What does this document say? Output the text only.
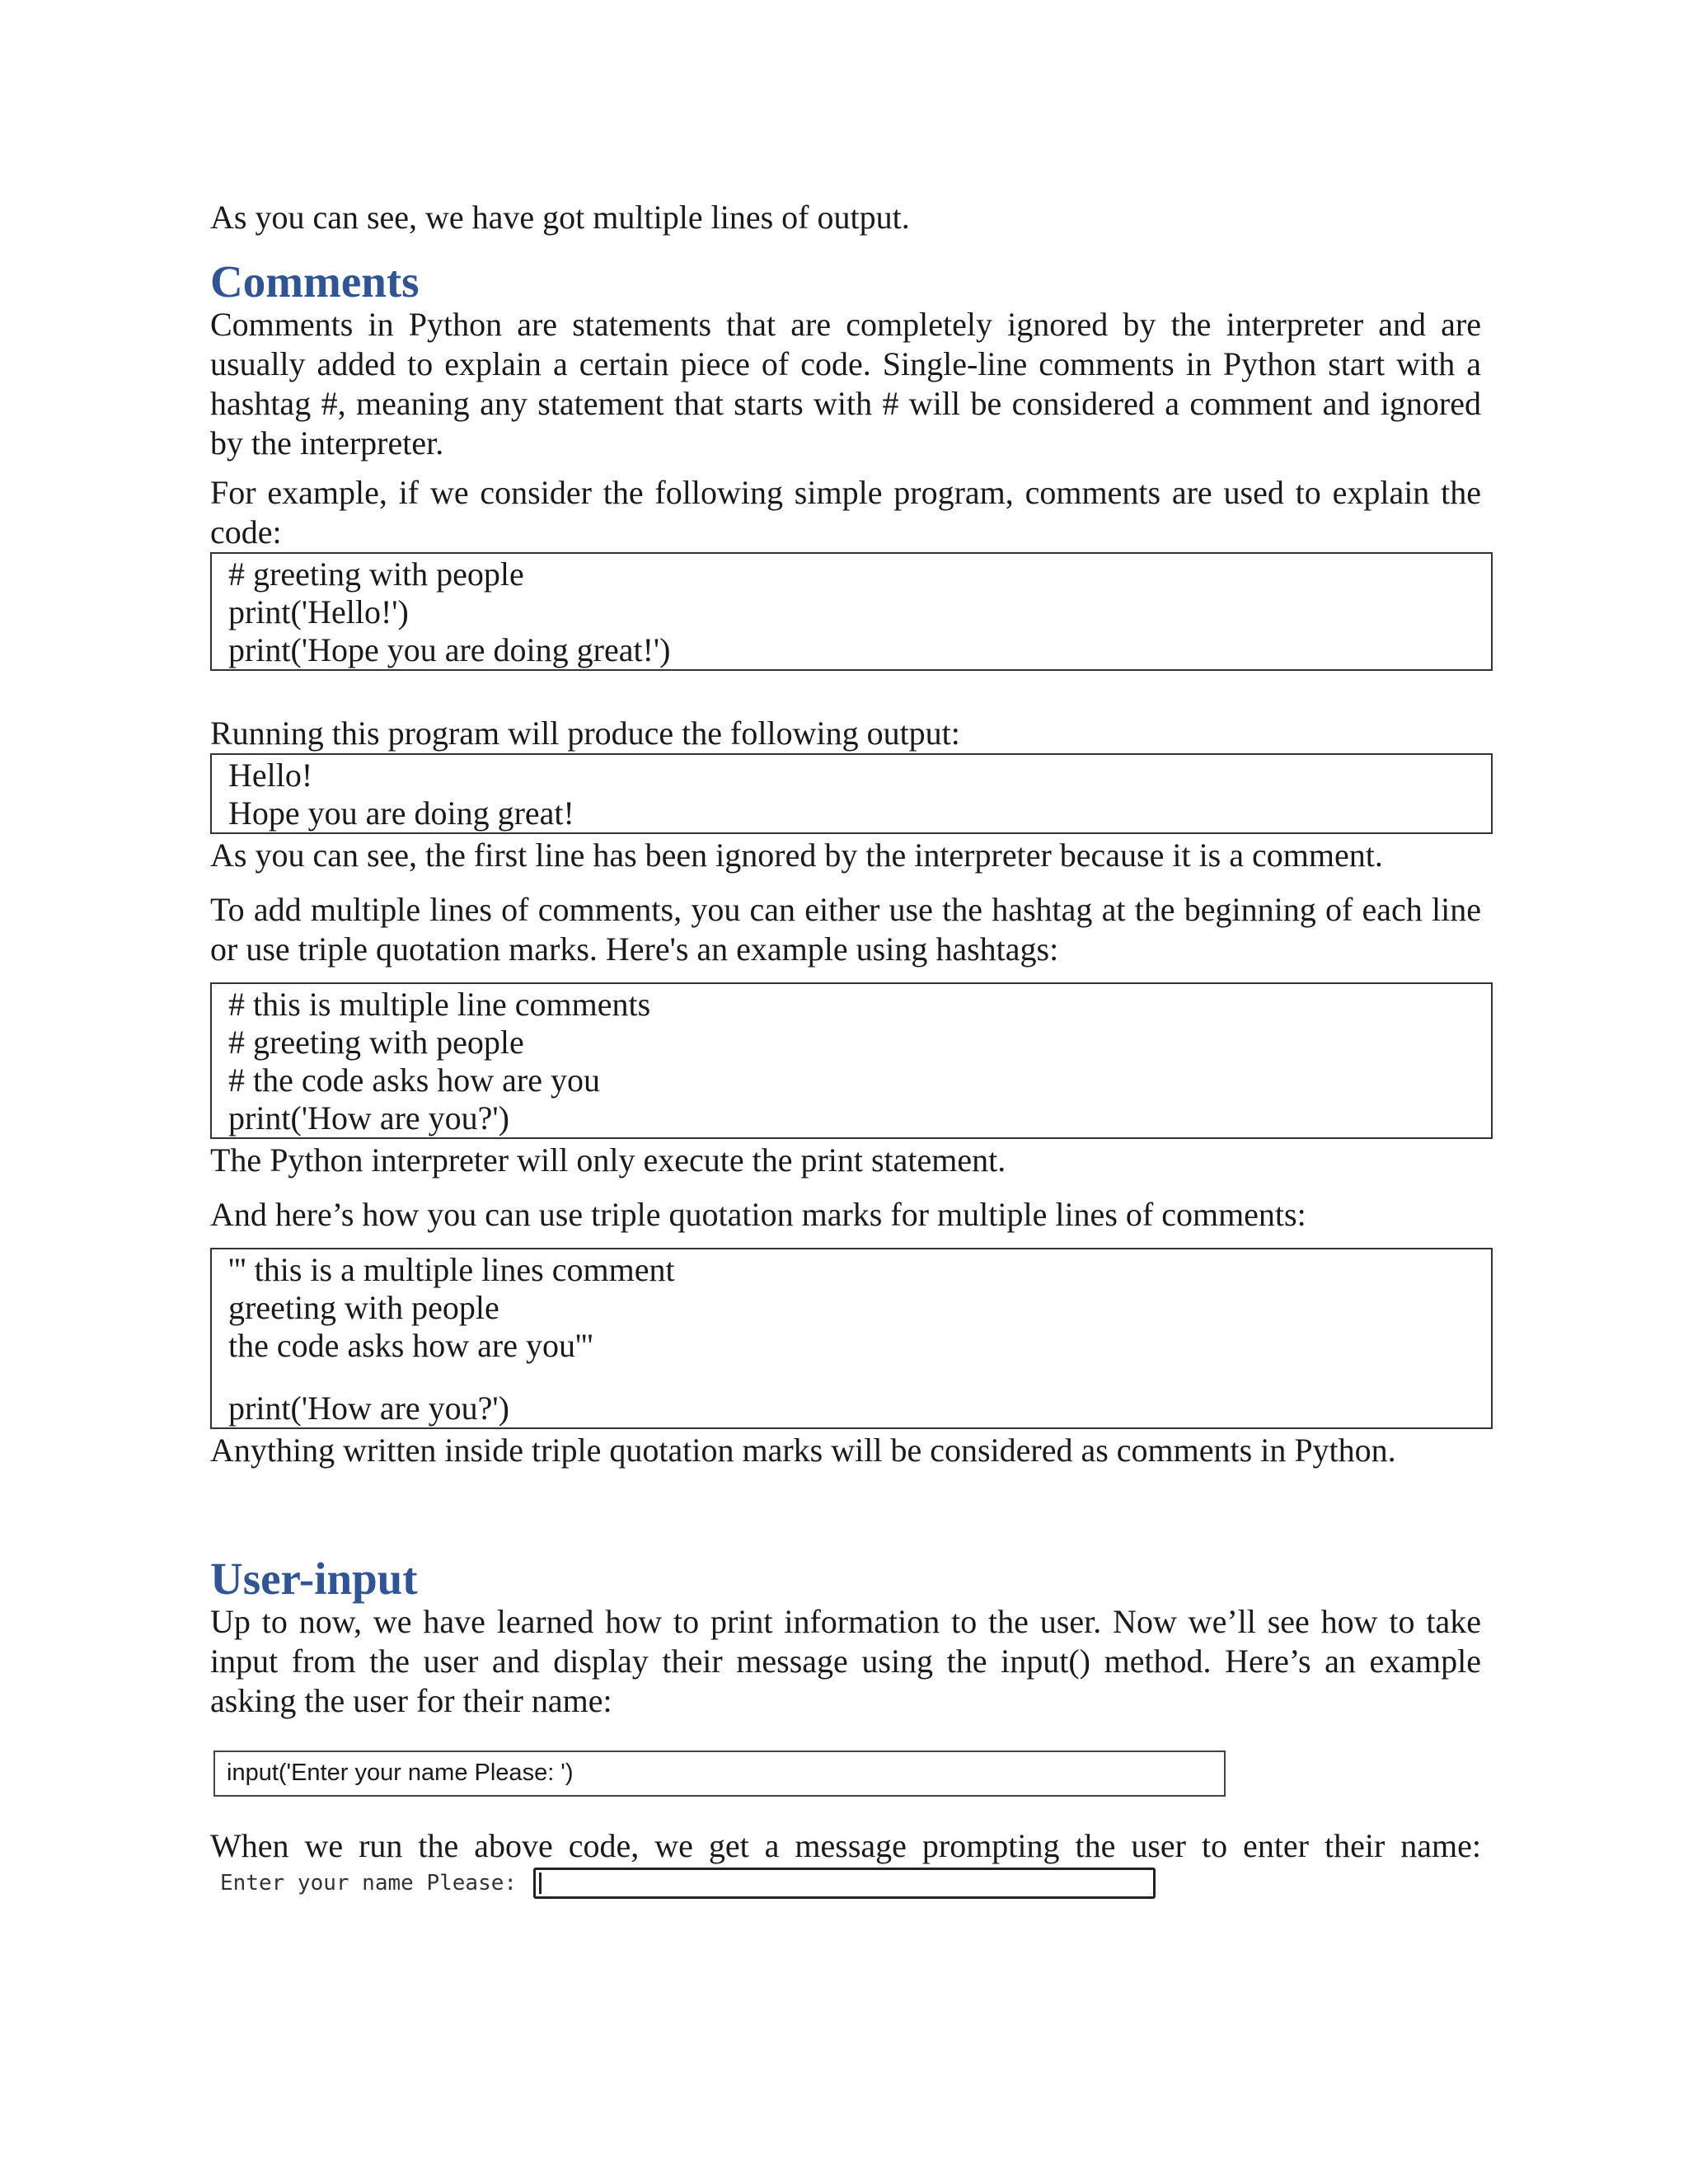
As you can see, we have got multiple lines of output.

Comments

Comments in Python are statements that are completely ignored by the interpreter and are usually added to explain a certain piece of code. Single-line comments in Python start with a hashtag #, meaning any statement that starts with # will be considered a comment and ignored by the interpreter.

For example, if we consider the following simple program, comments are used to explain the code:

# greeting with people
print('Hello!')
print('Hope you are doing great!')

Running this program will produce the following output:

Hello!
Hope you are doing great!

As you can see, the first line has been ignored by the interpreter because it is a comment.

To add multiple lines of comments, you can either use the hashtag at the beginning of each line or use triple quotation marks. Here's an example using hashtags:

# this is multiple line comments
# greeting with people
# the code asks how are you
print('How are you?')

The Python interpreter will only execute the print statement.

And here’s how you can use triple quotation marks for multiple lines of comments:

''' this is a multiple lines comment
greeting with people
the code asks how are you'''
print('How are you?')

Anything written inside triple quotation marks will be considered as comments in Python.

User-input

Up to now, we have learned how to print information to the user. Now we’ll see how to take input from the user and display their message using the input() method. Here’s an example asking the user for their name:

input('Enter your name Please: ')

When we run the above code, we get a message prompting the user to enter their name:

Enter your name Please:
